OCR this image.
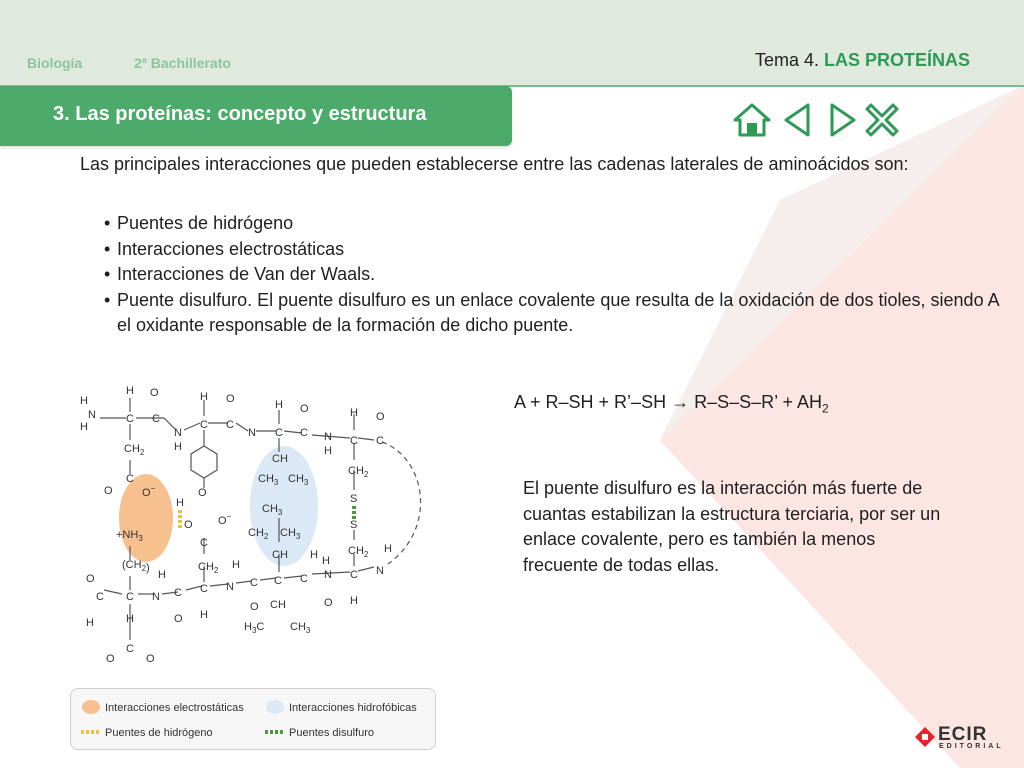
Biología	2º Bachillerato	Tema 4. LAS PROTEÍNAS
3. Las proteínas: concepto y estructura
Las principales interacciones que pueden establecerse entre las cadenas laterales de aminoácidos son:
• Puentes de hidrógeno
• Interacciones electrostáticas
• Interacciones de Van der Waals.
• Puente disulfuro. El puente disulfuro es un enlace covalente que resulta de la oxidación de dos tioles, siendo A el oxidante responsable de la formación de dicho puente.
A + R–SH + R’–SH → R–S–S–R’ + $AH_2$
El puente disulfuro es la interacción más fuerte de cuantas estabilizan la estructura terciaria, por ser un enlace covalente, pero es también la menos frecuente de todas ellas.
H
N
H
H
C
O
C
N
H
H
C
O
C
N
H
C
O
C N
H
H
C
O
C
$CH_2$
C
O	O−	O
H
CH
$CH_3$ $CH_3$
$CH_2$
S
S
$CH_2$
$+NH_3$
$CH_3$
$CH_2$ $CH_3$
CH H
O O−
C
$CH_2$
$(CH_2)$
O
C
H
C N
H
H
C
O
C
H
N
H
C
O
C
CH
$H_3C$ $CH_3$
C N
H
O
C
H
N
H
C
O	O
Interacciones electrostáticas	Interacciones hidrofóbicas
Puentes de hidrógeno	Puentes disulfuro	ECIR
EDITORIAL
